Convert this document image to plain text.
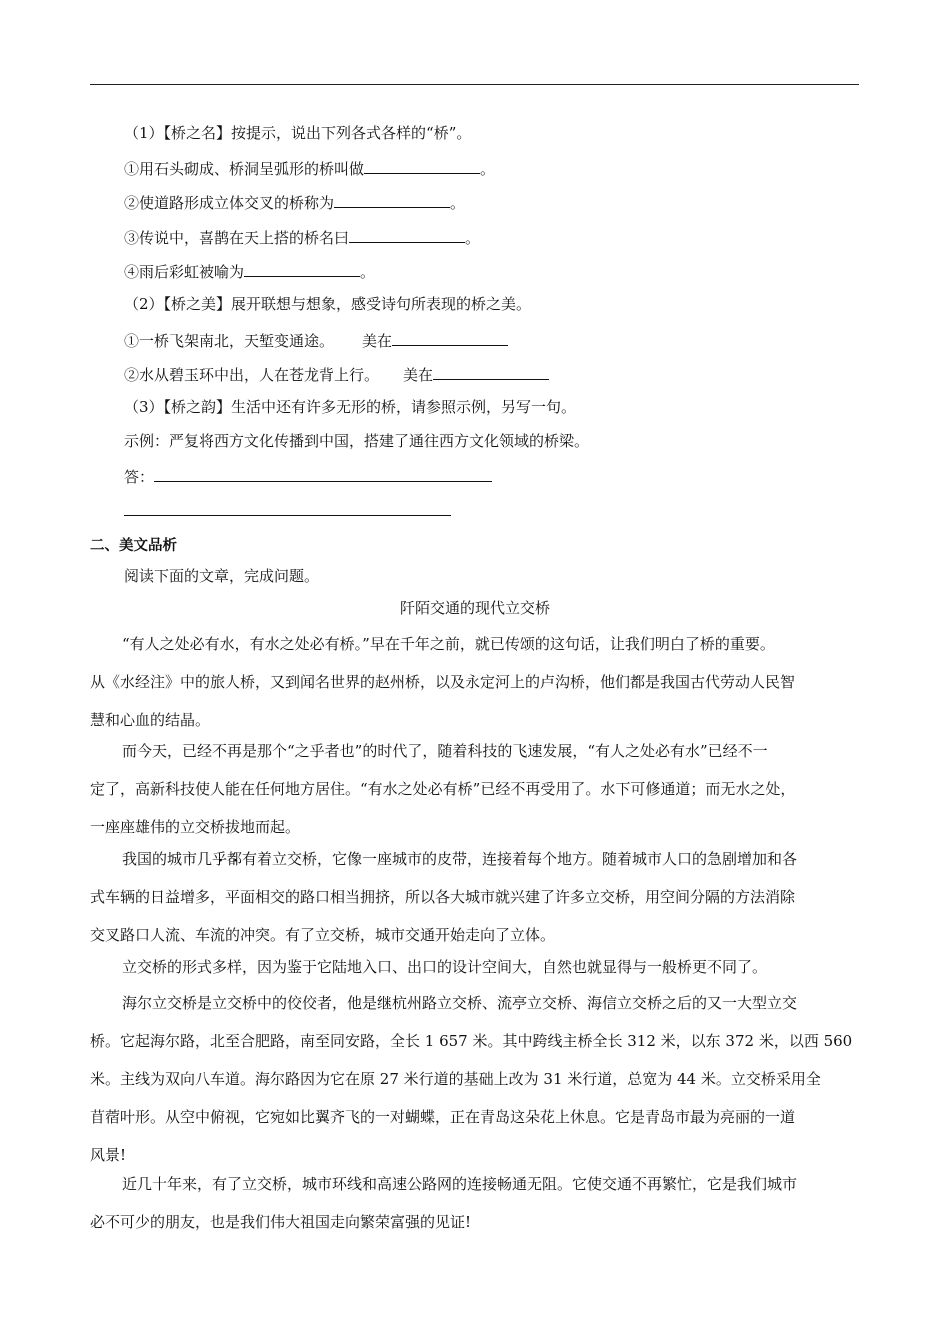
（1）【桥之名】按提示，说出下列各式各样的“桥”。
①用石头砌成、桥洞呈弧形的桥叫做	。
②使道路形成立体交叉的桥称为	。
③传说中，喜鹊在天上搭的桥名曰	。
④雨后彩虹被喻为	。
（2）【桥之美】展开联想与想象，感受诗句所表现的桥之美。
①一桥飞架南北，天堑变通途。 美在
②水从碧玉环中出，人在苍龙背上行。 美在
（3）【桥之韵】生活中还有许多无形的桥，请参照示例，另写一句。
示例：严复将西方文化传播到中国，搭建了通往西方文化领域的桥梁。
答：
二、美文品析
阅读下面的文章，完成问题。
阡陌交通的现代立交桥
“有人之处必有水，有水之处必有桥。”早在千年之前，就已传颂的这句话，让我们明白了桥的重要。
从《水经注》中的旅人桥，又到闻名世界的赵州桥，以及永定河上的卢沟桥，他们都是我国古代劳动人民智
慧和心血的结晶。
而今天，已经不再是那个“之乎者也”的时代了，随着科技的飞速发展，“有人之处必有水”已经不一
定了，高新科技使人能在任何地方居住。“有水之处必有桥”已经不再受用了。水下可修通道；而无水之处，
一座座雄伟的立交桥拔地而起。
我国的城市几 ·乎 ·都有着立交桥，它像一座城市的皮带，连接着每个地方。随着城市人口的急剧增加和各
式车辆的日益增多，平面相交的路口相当拥挤，所以各大城市就兴建了许多立交桥，用空间分隔的方法消除
交叉路口人流、车流的冲突。有了立交桥，城市交通开始走向了立体。
立交桥的形式多样，因为鉴于它陆地入口、出口的设计空间大，自然也就显得与一般桥更不同了。
海尔立交桥是立交桥中的佼佼者，他是继杭州路立交桥、流亭立交桥、海信立交桥之后的又一大型立交
桥。它起海尔路，北至合肥路，南至同安路，全长 1 657 米。其中跨线主桥全长 312 米，以东 372 米，以西 560
米。主线为双向八车道。海尔路因为它在原 27 米行道的基础上改为 31 米行道，总宽为 44 米。立交桥采用全
苜蓿叶形。从空中俯视，它宛如比翼齐飞的一对蝴蝶，正在青岛这朵花上休息。它是青岛市最为亮丽的一道
风景!
近几十年来，有了立交桥，城市环线和高速公路网的连接畅通无阻。它使交通不再繁忙，它是我们城市
必不可少的朋友，也是我们伟大祖国走向繁荣富强的见证!
